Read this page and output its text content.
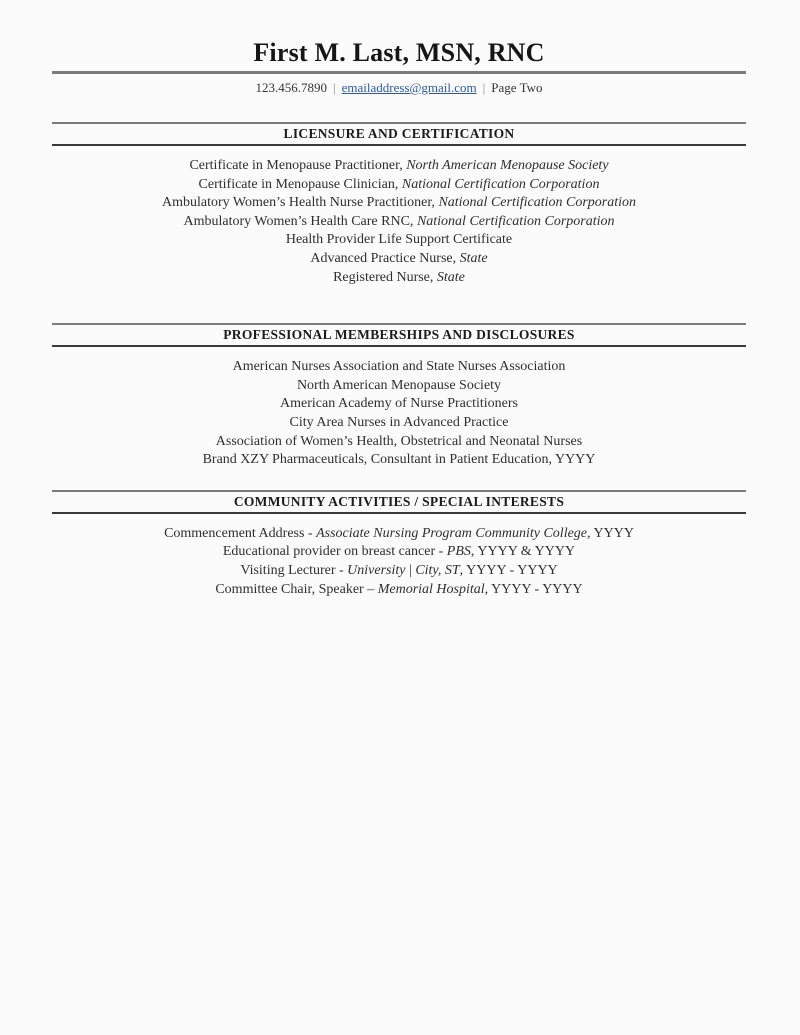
First M. Last, MSN, RNC
123.456.7890 | emailaddress@gmail.com | Page Two
LICENSURE AND CERTIFICATION

Certificate in Menopause Practitioner, North American Menopause Society

Certificate in Menopause Clinician, National Certification Corporation

Ambulatory Women’s Health Nurse Practitioner, National Certification Corporation

Ambulatory Women’s Health Care RNC, National Certification Corporation

Health Provider Life Support Certificate

Advanced Practice Nurse, State

Registered Nurse, State

PROFESSIONAL MEMBERSHIPS AND DISCLOSURES

American Nurses Association and State Nurses Association

North American Menopause Society

American Academy of Nurse Practitioners

City Area Nurses in Advanced Practice

Association of Women’s Health, Obstetrical and Neonatal Nurses

Brand XZY Pharmaceuticals, Consultant in Patient Education, YYYY

COMMUNITY ACTIVITIES / SPECIAL INTERESTS

Commencement Address - Associate Nursing Program Community College, YYYY

Educational provider on breast cancer - PBS, YYYY & YYYY

Visiting Lecturer - University | City, ST, YYYY - YYYY

Committee Chair, Speaker – Memorial Hospital, YYYY - YYYY
